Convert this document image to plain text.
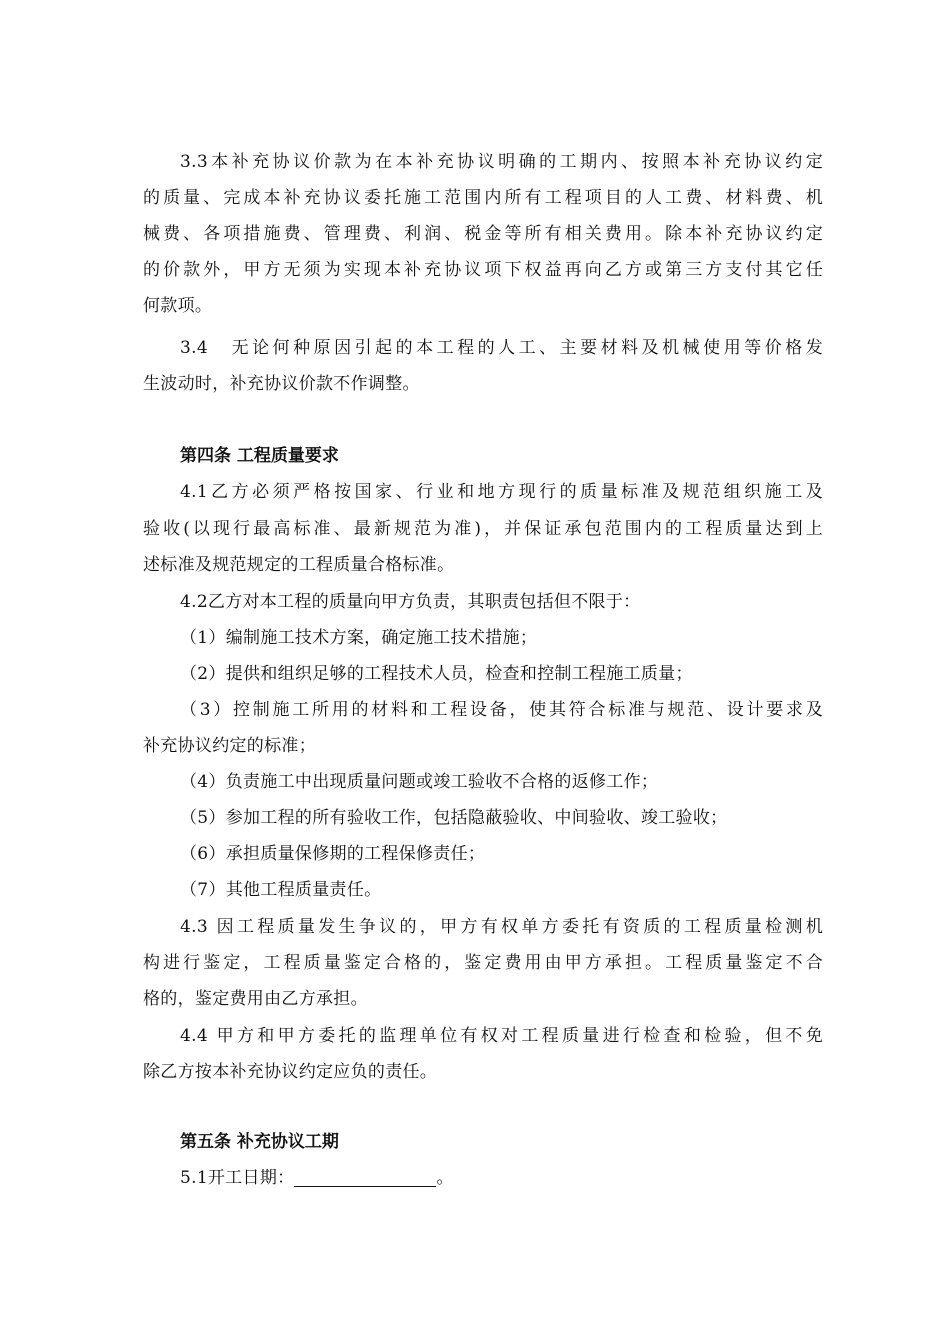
3.3本补充协议价款为在本补充协议明确的工期内、按照本补充协议约定
的质量、完成本补充协议委托施工范围内所有工程项目的人工费、材料费、机
械费、各项措施费、管理费、利润、税金等所有相关费用。除本补充协议约定
的价款外，甲方无须为实现本补充协议项下权益再向乙方或第三方支付其它任
何款项。
3.4　无论何种原因引起的本工程的人工、主要材料及机械使用等价格发
生波动时，补充协议价款不作调整。
第四条 工程质量要求
4.1乙方必须严格按国家、行业和地方现行的质量标准及规范组织施工及
验收(以现行最高标准、最新规范为准)，并保证承包范围内的工程质量达到上
述标准及规范规定的工程质量合格标准。
4.2乙方对本工程的质量向甲方负责，其职责包括但不限于：
（1）编制施工技术方案，确定施工技术措施；
（2）提供和组织足够的工程技术人员，检查和控制工程施工质量；
（3）控制施工所用的材料和工程设备，使其符合标准与规范、设计要求及
补充协议约定的标准；
（4）负责施工中出现质量问题或竣工验收不合格的返修工作；
（5）参加工程的所有验收工作，包括隐蔽验收、中间验收、竣工验收；
（6）承担质量保修期的工程保修责任；
（7）其他工程质量责任。
4.3 因工程质量发生争议的，甲方有权单方委托有资质的工程质量检测机
构进行鉴定，工程质量鉴定合格的，鉴定费用由甲方承担。工程质量鉴定不合
格的，鉴定费用由乙方承担。
4.4 甲方和甲方委托的监理单位有权对工程质量进行检查和检验，但不免
除乙方按本补充协议约定应负的责任。
第五条 补充协议工期
5.1开工日期：	。
